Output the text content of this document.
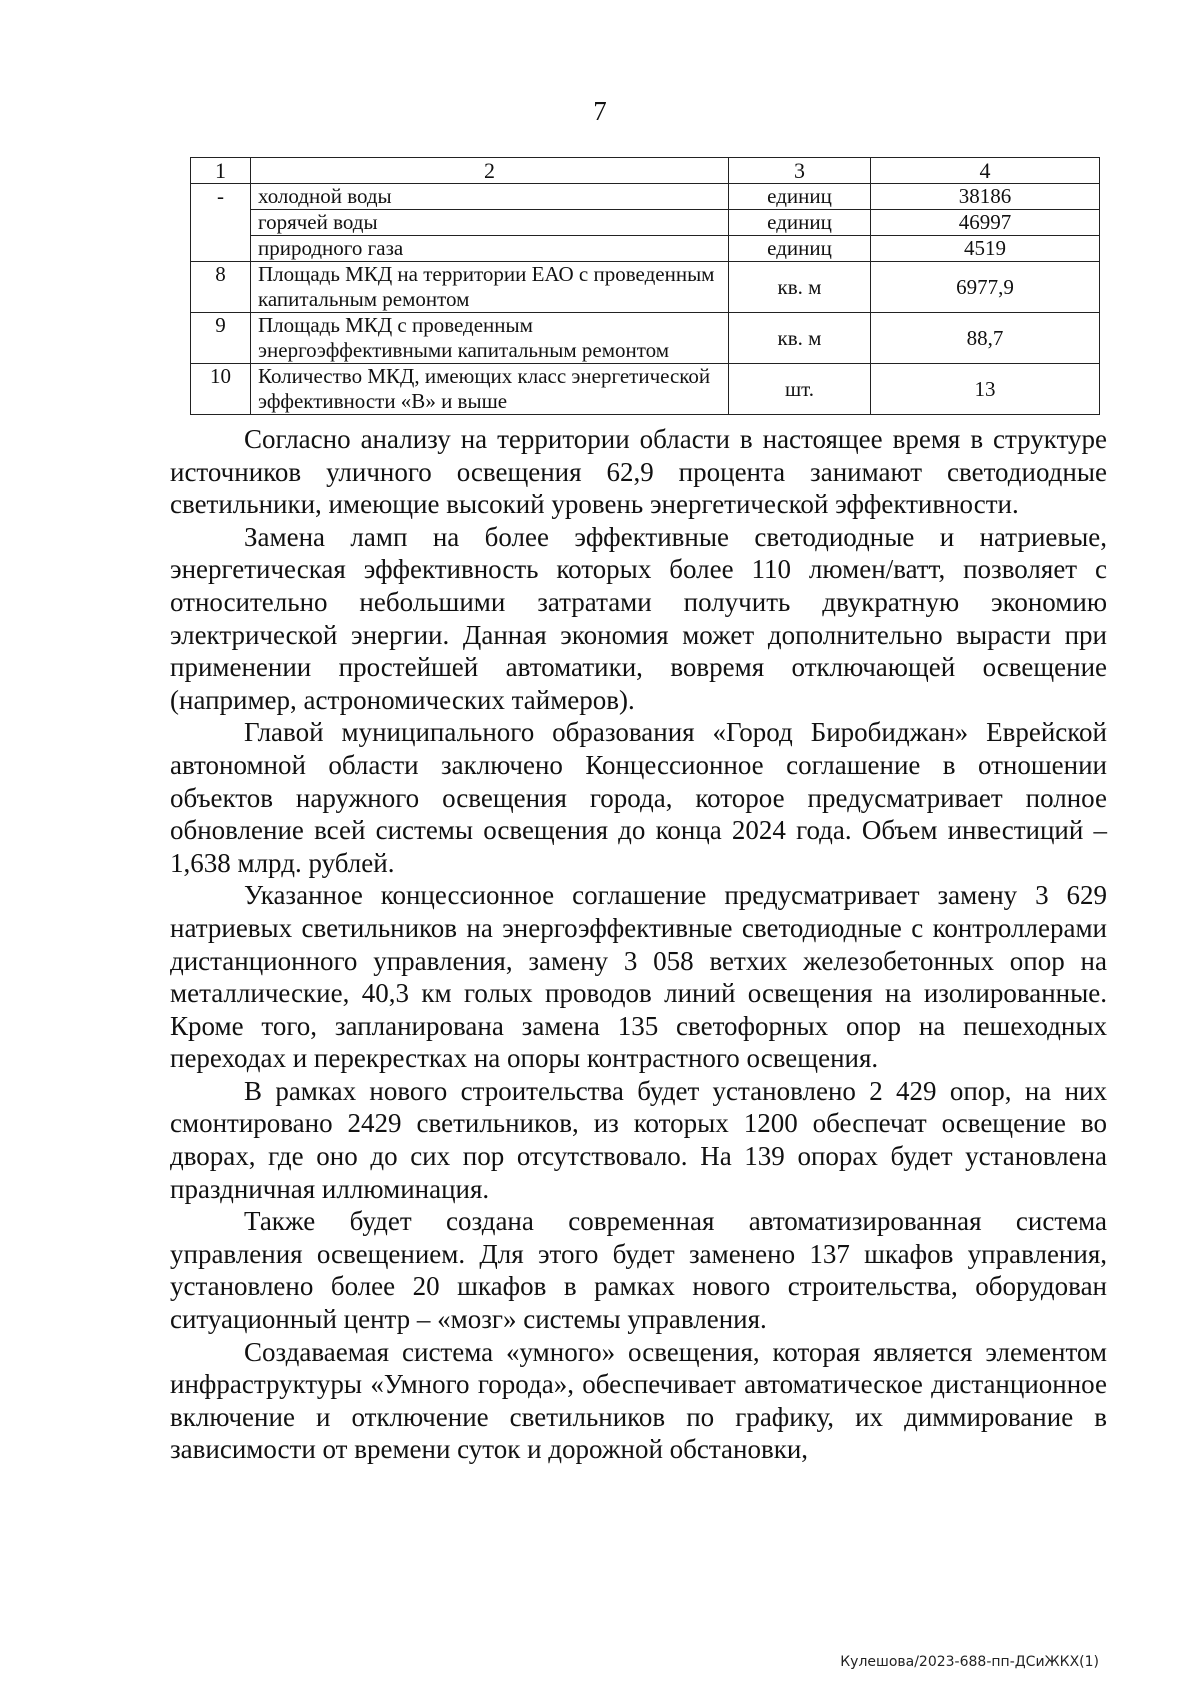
7
1	2	3	4
-	холодной воды	единиц	38186
	горячей воды	единиц	46997
	природного газа	единиц	4519
8	Площадь МКД на территории ЕАО с проведенным капитальным ремонтом	кв. м	6977,9
9	Площадь МКД с проведенным энергоэффективными капитальным ремонтом	кв. м	88,7
10	Количество МКД, имеющих класс энергетической эффективности «В» и выше	шт.	13

Согласно анализу на территории области в настоящее время в структуре источников уличного освещения 62,9 процента занимают светодиодные светильники, имеющие высокий уровень энергетической эффективности.

Замена ламп на более эффективные светодиодные и натриевые, энергетическая эффективность которых более 110 люмен/ватт, позволяет с относительно небольшими затратами получить двукратную экономию электрической энергии. Данная экономия может дополнительно вырасти при применении простейшей автоматики, вовремя отключающей освещение (например, астрономических таймеров).

Главой муниципального образования «Город Биробиджан» Еврейской автономной области заключено Концессионное соглашение в отношении объектов наружного освещения города, которое предусматривает полное обновление всей системы освещения до конца 2024 года. Объем инвестиций – 1,638 млрд. рублей.

Указанное концессионное соглашение предусматривает замену 3 629 натриевых светильников на энергоэффективные светодиодные с контроллерами дистанционного управления, замену 3 058 ветхих железобетонных опор на металлические, 40,3 км голых проводов линий освещения на изолированные. Кроме того, запланирована замена 135 светофорных опор на пешеходных переходах и перекрестках на опоры контрастного освещения.

В рамках нового строительства будет установлено 2 429 опор, на них смонтировано 2429 светильников, из которых 1200 обеспечат освещение во дворах, где оно до сих пор отсутствовало. На 139 опорах будет установлена праздничная иллюминация.

Также будет создана современная автоматизированная система управления освещением. Для этого будет заменено 137 шкафов управления, установлено более 20 шкафов в рамках нового строительства, оборудован ситуационный центр – «мозг» системы управления.

Создаваемая система «умного» освещения, которая является элементом инфраструктуры «Умного города», обеспечивает автоматическое дистанционное включение и отключение светильников по графику, их диммирование в зависимости от времени суток и дорожной обстановки,

Кулешова/2023-688-пп-ДСиЖКХ(1)
